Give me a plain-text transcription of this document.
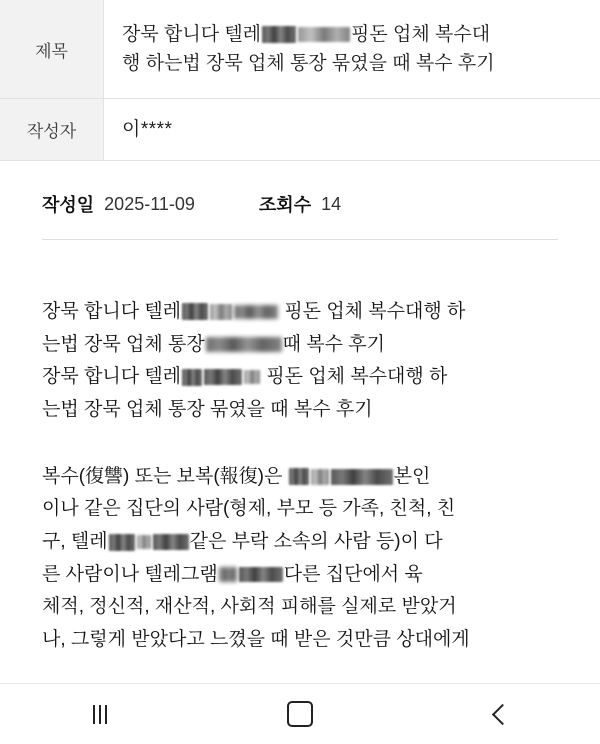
제목	장묵 합니다 텔레 핑돈 업체 복수대
행 하는법 장묵 업체 통장 묶였을 때 복수 후기
작성자	이****
작성일 2025-11-09	조회수 14

장묵 합니다 텔레	핑돈 업체 복수대행 하
는법 장묵 업체 통장	때 복수 후기
장묵 합니다 텔레	핑돈 업체 복수대행 하
는법 장묵 업체 통장 묶였을 때 복수 후기

복수(復讐) 또는 보복(報復)은	본인
이나 같은 집단의 사람(형제, 부모 등 가족, 친척, 친
구, 텔레	같은 부락 소속의 사람 등)이 다
른 사람이나 텔레그램	다른 집단에서 육
체적, 정신적, 재산적, 사회적 피해를 실제로 받았거
나, 그렇게 받았다고 느꼈을 때 받은 것만큼 상대에게
